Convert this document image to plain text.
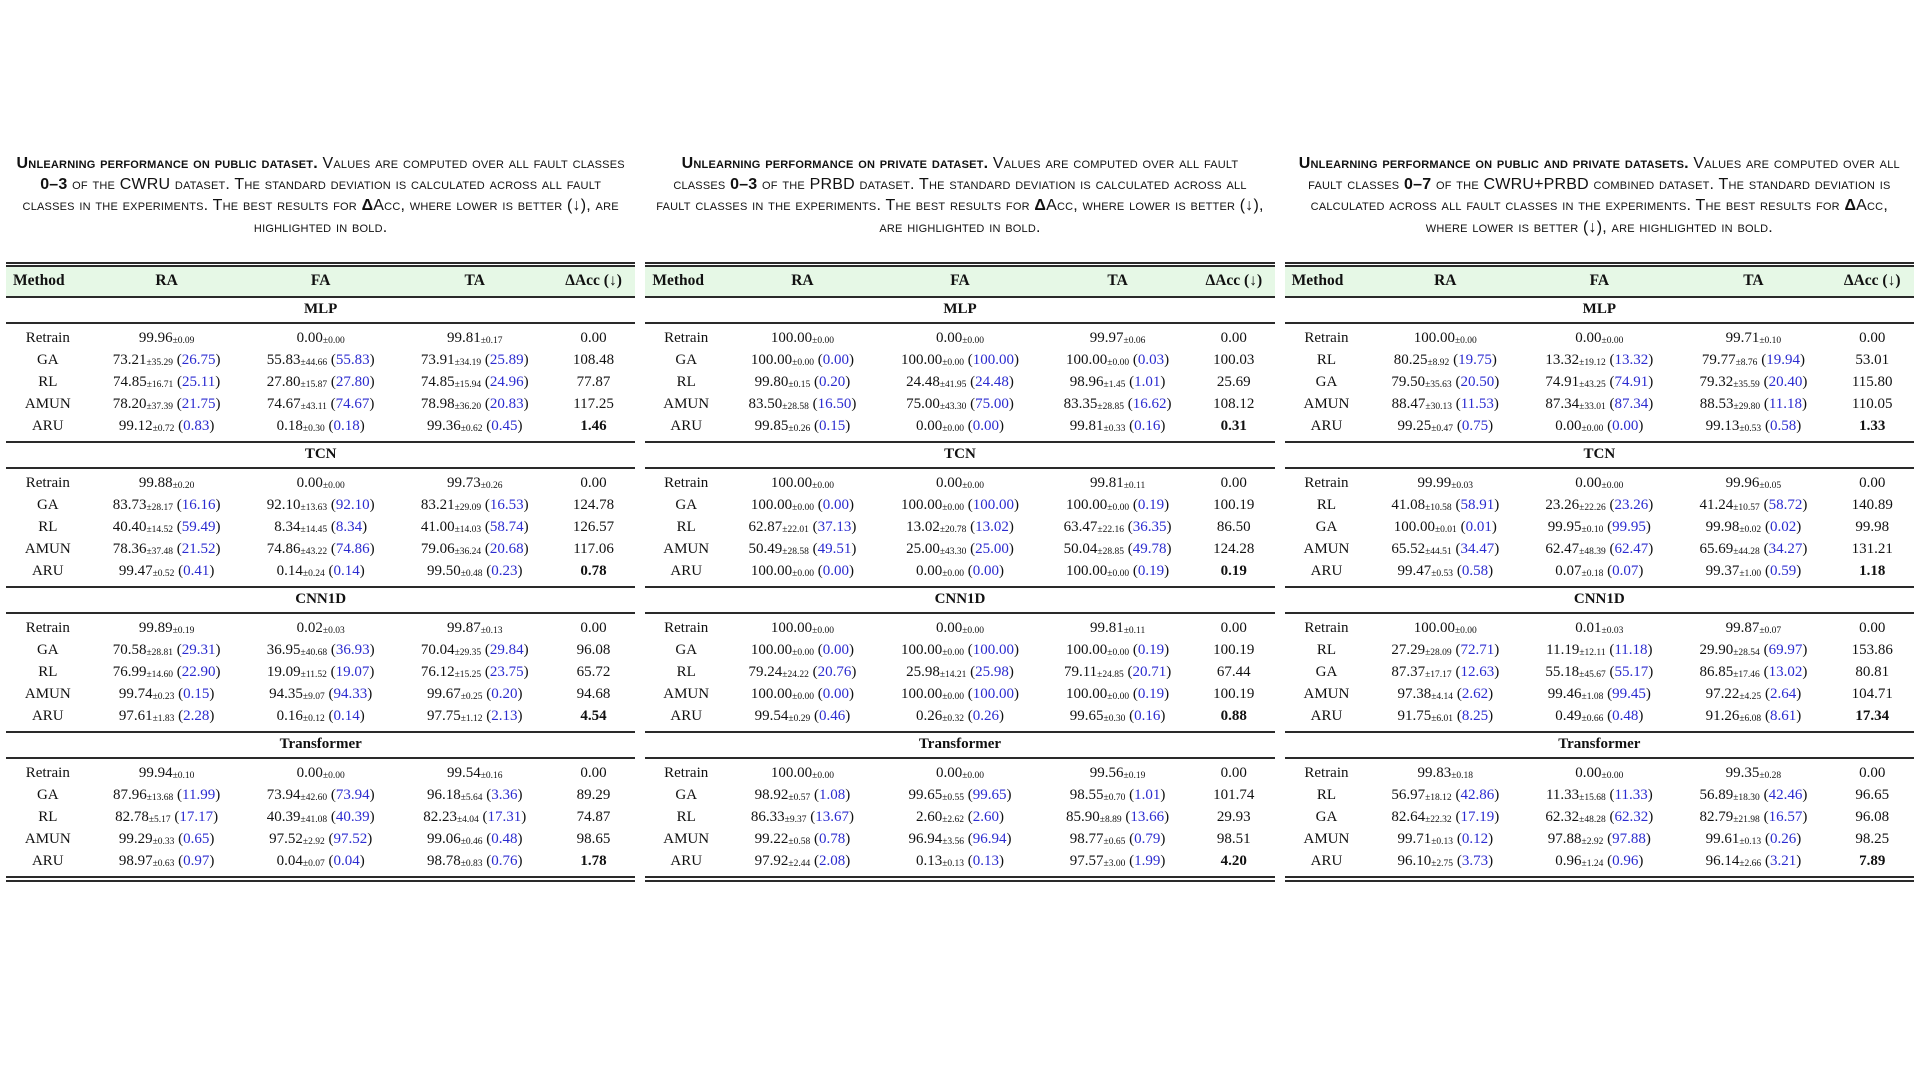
Unlearning performance on public dataset. Values are computed over all fault classes 0–3 of the CWRU dataset. The standard deviation is calculated across all fault classes in the experiments. The best results for ΔAcc, where lower is better (↓), are highlighted in bold.
Method	RA	FA	TA	ΔAcc (↓)
MLP				
Retrain	99.96±0.09	0.00±0.00	99.81±0.17	0.00
GA	73.21±35.29 (26.75)	55.83±44.66 (55.83)	73.91±34.19 (25.89)	108.48
RL	74.85±16.71 (25.11)	27.80±15.87 (27.80)	74.85±15.94 (24.96)	77.87
AMUN	78.20±37.39 (21.75)	74.67±43.11 (74.67)	78.98±36.20 (20.83)	117.25
ARU	99.12±0.72 (0.83)	0.18±0.30 (0.18)	99.36±0.62 (0.45)	1.46
TCN				
Retrain	99.88±0.20	0.00±0.00	99.73±0.26	0.00
GA	83.73±28.17 (16.16)	92.10±13.63 (92.10)	83.21±29.09 (16.53)	124.78
RL	40.40±14.52 (59.49)	8.34±14.45 (8.34)	41.00±14.03 (58.74)	126.57
AMUN	78.36±37.48 (21.52)	74.86±43.22 (74.86)	79.06±36.24 (20.68)	117.06
ARU	99.47±0.52 (0.41)	0.14±0.24 (0.14)	99.50±0.48 (0.23)	0.78
CNN1D				
Retrain	99.89±0.19	0.02±0.03	99.87±0.13	0.00
GA	70.58±28.81 (29.31)	36.95±40.68 (36.93)	70.04±29.35 (29.84)	96.08
RL	76.99±14.60 (22.90)	19.09±11.52 (19.07)	76.12±15.25 (23.75)	65.72
AMUN	99.74±0.23 (0.15)	94.35±9.07 (94.33)	99.67±0.25 (0.20)	94.68
ARU	97.61±1.83 (2.28)	0.16±0.12 (0.14)	97.75±1.12 (2.13)	4.54
Transformer				
Retrain	99.94±0.10	0.00±0.00	99.54±0.16	0.00
GA	87.96±13.68 (11.99)	73.94±42.60 (73.94)	96.18±5.64 (3.36)	89.29
RL	82.78±5.17 (17.17)	40.39±41.08 (40.39)	82.23±4.04 (17.31)	74.87
AMUN	99.29±0.33 (0.65)	97.52±2.92 (97.52)	99.06±0.46 (0.48)	98.65
ARU	98.97±0.63 (0.97)	0.04±0.07 (0.04)	98.78±0.83 (0.76)	1.78
Unlearning performance on private dataset. Values are computed over all fault classes 0–3 of the PRBD dataset. The standard deviation is calculated across all fault classes in the experiments. The best results for ΔAcc, where lower is better (↓), are highlighted in bold.
Method	RA	FA	TA	ΔAcc (↓)
MLP				
Retrain	100.00±0.00	0.00±0.00	99.97±0.06	0.00
GA	100.00±0.00 (0.00)	100.00±0.00 (100.00)	100.00±0.00 (0.03)	100.03
RL	99.80±0.15 (0.20)	24.48±41.95 (24.48)	98.96±1.45 (1.01)	25.69
AMUN	83.50±28.58 (16.50)	75.00±43.30 (75.00)	83.35±28.85 (16.62)	108.12
ARU	99.85±0.26 (0.15)	0.00±0.00 (0.00)	99.81±0.33 (0.16)	0.31
TCN				
Retrain	100.00±0.00	0.00±0.00	99.81±0.11	0.00
GA	100.00±0.00 (0.00)	100.00±0.00 (100.00)	100.00±0.00 (0.19)	100.19
RL	62.87±22.01 (37.13)	13.02±20.78 (13.02)	63.47±22.16 (36.35)	86.50
AMUN	50.49±28.58 (49.51)	25.00±43.30 (25.00)	50.04±28.85 (49.78)	124.28
ARU	100.00±0.00 (0.00)	0.00±0.00 (0.00)	100.00±0.00 (0.19)	0.19
CNN1D				
Retrain	100.00±0.00	0.00±0.00	99.81±0.11	0.00
GA	100.00±0.00 (0.00)	100.00±0.00 (100.00)	100.00±0.00 (0.19)	100.19
RL	79.24±24.22 (20.76)	25.98±14.21 (25.98)	79.11±24.85 (20.71)	67.44
AMUN	100.00±0.00 (0.00)	100.00±0.00 (100.00)	100.00±0.00 (0.19)	100.19
ARU	99.54±0.29 (0.46)	0.26±0.32 (0.26)	99.65±0.30 (0.16)	0.88
Transformer				
Retrain	100.00±0.00	0.00±0.00	99.56±0.19	0.00
GA	98.92±0.57 (1.08)	99.65±0.55 (99.65)	98.55±0.70 (1.01)	101.74
RL	86.33±9.37 (13.67)	2.60±2.62 (2.60)	85.90±8.89 (13.66)	29.93
AMUN	99.22±0.58 (0.78)	96.94±3.56 (96.94)	98.77±0.65 (0.79)	98.51
ARU	97.92±2.44 (2.08)	0.13±0.13 (0.13)	97.57±3.00 (1.99)	4.20
Unlearning performance on public and private datasets. Values are computed over all fault classes 0–7 of the CWRU+PRBD combined dataset. The standard deviation is calculated across all fault classes in the experiments. The best results for ΔAcc, where lower is better (↓), are highlighted in bold.
Method	RA	FA	TA	ΔAcc (↓)
MLP				
Retrain	100.00±0.00	0.00±0.00	99.71±0.10	0.00
RL	80.25±8.92 (19.75)	13.32±19.12 (13.32)	79.77±8.76 (19.94)	53.01
GA	79.50±35.63 (20.50)	74.91±43.25 (74.91)	79.32±35.59 (20.40)	115.80
AMUN	88.47±30.13 (11.53)	87.34±33.01 (87.34)	88.53±29.80 (11.18)	110.05
ARU	99.25±0.47 (0.75)	0.00±0.00 (0.00)	99.13±0.53 (0.58)	1.33
TCN				
Retrain	99.99±0.03	0.00±0.00	99.96±0.05	0.00
RL	41.08±10.58 (58.91)	23.26±22.26 (23.26)	41.24±10.57 (58.72)	140.89
GA	100.00±0.01 (0.01)	99.95±0.10 (99.95)	99.98±0.02 (0.02)	99.98
AMUN	65.52±44.51 (34.47)	62.47±48.39 (62.47)	65.69±44.28 (34.27)	131.21
ARU	99.47±0.53 (0.58)	0.07±0.18 (0.07)	99.37±1.00 (0.59)	1.18
CNN1D				
Retrain	100.00±0.00	0.01±0.03	99.87±0.07	0.00
RL	27.29±28.09 (72.71)	11.19±12.11 (11.18)	29.90±28.54 (69.97)	153.86
GA	87.37±17.17 (12.63)	55.18±45.67 (55.17)	86.85±17.46 (13.02)	80.81
AMUN	97.38±4.14 (2.62)	99.46±1.08 (99.45)	97.22±4.25 (2.64)	104.71
ARU	91.75±6.01 (8.25)	0.49±0.66 (0.48)	91.26±6.08 (8.61)	17.34
Transformer				
Retrain	99.83±0.18	0.00±0.00	99.35±0.28	0.00
RL	56.97±18.12 (42.86)	11.33±15.68 (11.33)	56.89±18.30 (42.46)	96.65
GA	82.64±22.32 (17.19)	62.32±48.28 (62.32)	82.79±21.98 (16.57)	96.08
AMUN	99.71±0.13 (0.12)	97.88±2.92 (97.88)	99.61±0.13 (0.26)	98.25
ARU	96.10±2.75 (3.73)	0.96±1.24 (0.96)	96.14±2.66 (3.21)	7.89
